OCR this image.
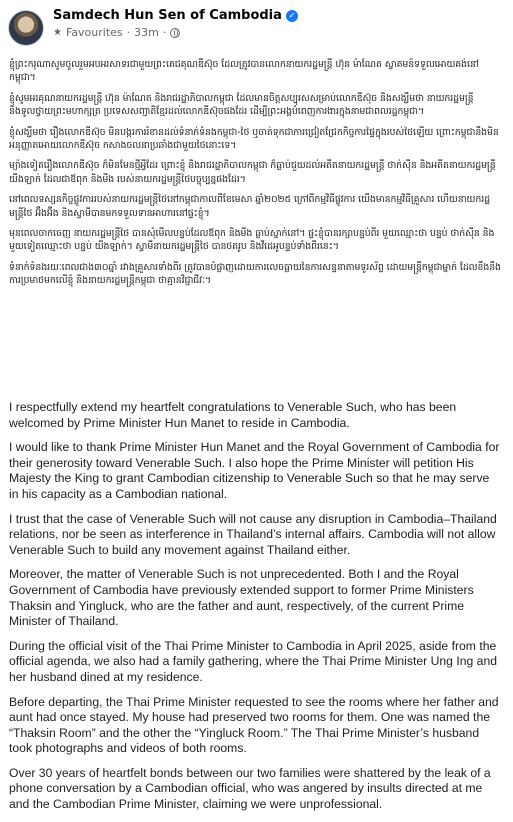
Samdech Hun Sen of Cambodia ✓
★ Favourites · 33m ·

ខ្ញុំព្រះករុណាសូមចូលរួមអបអរសាទរជាមួយព្រះតេជគុណឌីស៊ុច ដែលត្រូវបានលោកនាយករដ្ឋមន្ត្រី ហ៊ុន ម៉ាណែត ស្វាគមន៍ទទួលអោយគង់នៅកម្ពុជា។

ខ្ញុំសូមអរគុណនាយករដ្ឋមន្ត្រី ហ៊ុន ម៉ាណែត និងរាជរដ្ឋាភិបាលកម្ពុជា ដែលមានចិត្តសប្បុរសសម្រាប់លោកឌីស៊ុច និងសង្ឃឹមថា នាយករដ្ឋមន្ត្រី និងទូលថ្វាយព្រះមហាក្សត្រ ប្រទេសសញ្ជាតិខ្មែរដល់លោកឌីស៊ុចផងដែរ ដើម្បីព្រះអង្គបំពេញការងារក្នុងនាមជាពលរដ្ឋកម្ពុជា។

ខ្ញុំសង្ឃឹមថា រឿងលោកឌីស៊ុច មិនបង្ករការរំខានដល់ទំនាក់ទំនងកម្ពុជា-ថៃ ឬចាត់ទុកជាការជ្រៀតជ្រែកកិច្ចការផ្ទៃក្នុងរបស់ថៃឡើយ ព្រោះកម្ពុជានឹងមិនអនុញ្ញាតអោយលោកឌីស៊ុច កសាងចលនាប្រឆាំងជាមួយថៃនោះទេ។

ម្យ៉ាងទៀតរឿងលោកឌីស៊ុច ក៏មិនមែនថ្មីអ្វីដែរ ព្រោះខ្ញុំ និងរាជរដ្ឋាភិបាលកម្ពុជា ក៏ធ្លាប់ជួយដល់អតីតនាយករដ្ឋមន្ត្រី ថាក់ស៊ីន និងអតីតនាយករដ្ឋមន្ត្រី យីងឡាក់ ដែលជាឪពុក និងមីង របស់នាយករដ្ឋមន្ត្រីថៃបច្ចុប្បន្នផងដែរ។

នៅពេលទស្សនកិច្ចផ្លូវការរបស់នាយករដ្ឋមន្ត្រីថៃនៅកម្ពុជាកាលពីខែមេសា ឆ្នាំ២០២៥ ក្រៅពីកម្មវិធីផ្លូវការ យើងមានកម្មវិធីគ្រួសារ ហើយនាយករដ្ឋមន្ត្រីថៃ អ៊ឹងអ៊ីង និងស្វាមីបានមកទទួលទានអាហារនៅផ្ទះខ្ញុំ។

មុនពេលចាកចេញ នាយករដ្ឋមន្ត្រីថៃ បានសុំមើលបន្ទប់ដែលឪពុក និងមីង ធ្លាប់ស្នាក់នៅ។ ផ្ទះខ្ញុំបានរក្សាបន្ទប់ពីរ មួយឈ្មោះថា បន្ទប់ ថាក់ស៊ីន និងមួយទៀតឈ្មោះថា បន្ទប់ យីងឡាក់។ ស្វាមីនាយករដ្ឋមន្ត្រីថៃ បានថតរូប និងវីដេអូបន្ទប់ទាំងពីរនេះ។

ទំនាក់ទំនងរយៈពេលជាង៣០ឆ្នាំ រវាងគ្រួសារទាំងពីរ ត្រូវបានបំផ្លាញដោយការលេចធ្លាយនៃការសន្ទនាតាមទូរស័ព្ទ ដោយមន្ត្រីកម្ពុជាម្នាក់ ដែលខឹងនឹងការប្រមាថមកលើខ្ញុំ និងនាយករដ្ឋមន្ត្រីកម្ពុជា ថាគ្មានវិជ្ជាជីវៈ។

I respectfully extend my heartfelt congratulations to Venerable Such, who has been welcomed by Prime Minister Hun Manet to reside in Cambodia.

I would like to thank Prime Minister Hun Manet and the Royal Government of Cambodia for their generosity toward Venerable Such. I also hope the Prime Minister will petition His Majesty the King to grant Cambodian citizenship to Venerable Such so that he may serve in his capacity as a Cambodian national.

I trust that the case of Venerable Such will not cause any disruption in Cambodia–Thailand relations, nor be seen as interference in Thailand’s internal affairs. Cambodia will not allow Venerable Such to build any movement against Thailand either.

Moreover, the matter of Venerable Such is not unprecedented. Both I and the Royal Government of Cambodia have previously extended support to former Prime Ministers Thaksin and Yingluck, who are the father and aunt, respectively, of the current Prime Minister of Thailand.

During the official visit of the Thai Prime Minister to Cambodia in April 2025, aside from the official agenda, we also had a family gathering, where the Thai Prime Minister Ung Ing and her husband dined at my residence.

Before departing, the Thai Prime Minister requested to see the rooms where her father and aunt had once stayed. My house had preserved two rooms for them. One was named the “Thaksin Room” and the other the “Yingluck Room.” The Thai Prime Minister’s husband took photographs and videos of both rooms.

Over 30 years of heartfelt bonds between our two families were shattered by the leak of a phone conversation by a Cambodian official, who was angered by insults directed at me and the Cambodian Prime Minister, claiming we were unprofessional.
